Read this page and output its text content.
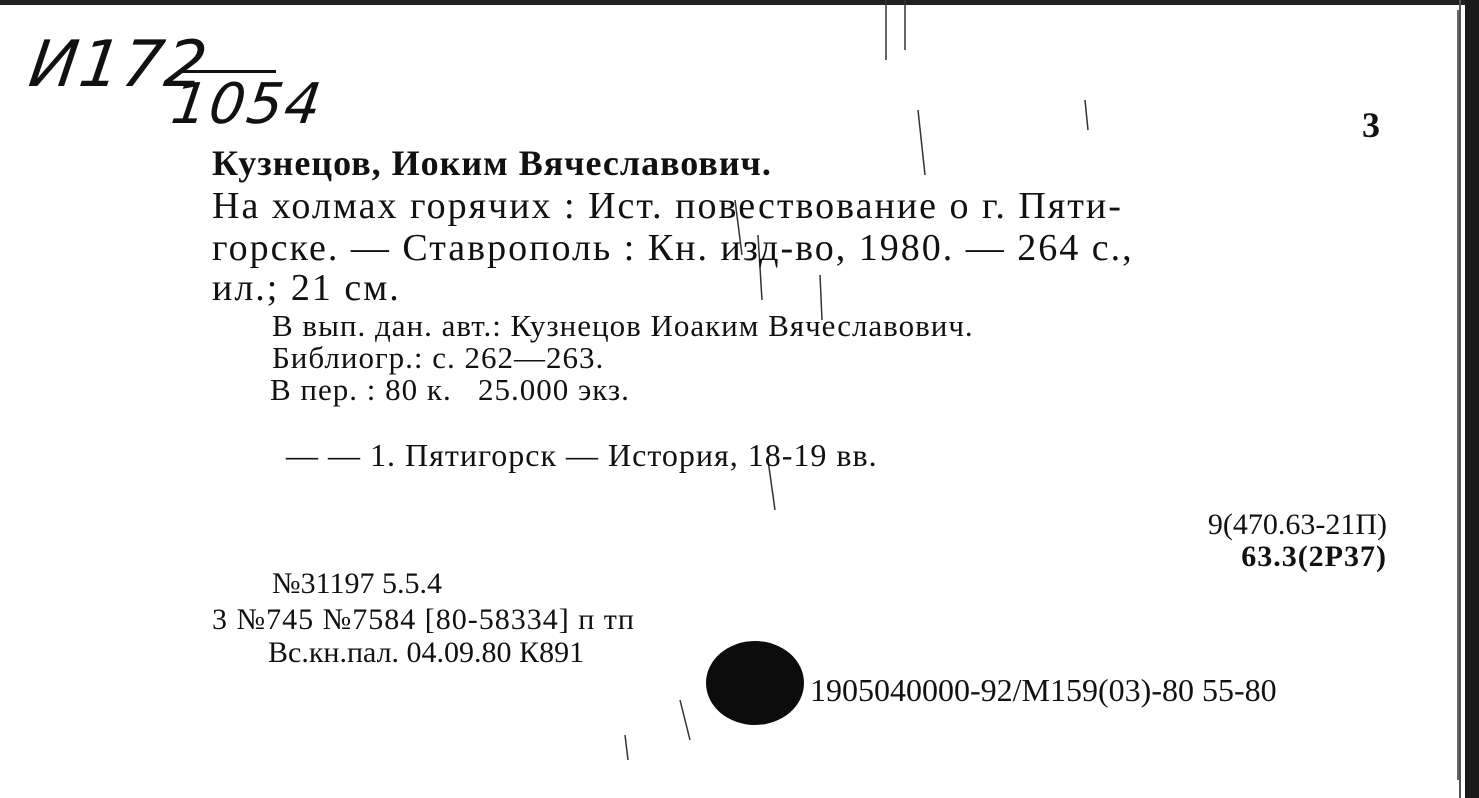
И172
1054	3
Кузнецов, Иоким Вячеславович.
На холмах горячих : Ист. повествование о г. Пяти-
горске. — Ставрополь : Кн. изд-во, 1980. — 264 с.,
ил.; 21 см.
В вып. дан. авт.: Кузнецов Иоаким Вячеславович.
Библиогр.: с. 262—263.
В пер. : 80 к.   25.000 экз.
— — 1. Пятигорск — История, 18-19 вв.
9(470.63-21П)
63.3(2Р37)
№31197 5.5.4
3 №745 №7584 [80-58334] п тп
Вс.кн.пал. 04.09.80 К891
1905040000-92/М159(03)-80 55-80
